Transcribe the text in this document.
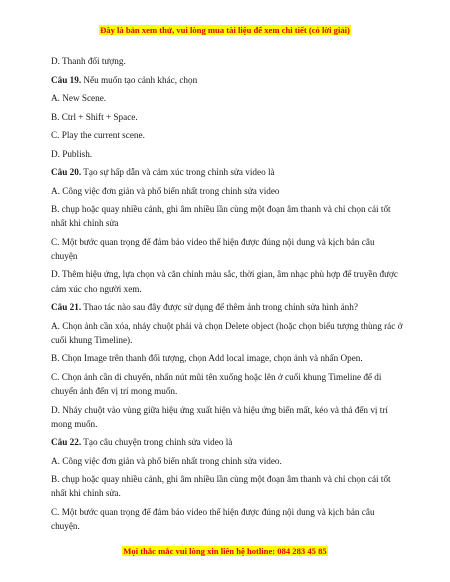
Đây là bản xem thử, vui lòng mua tài liệu để xem chi tiết (có lời giải)

D. Thanh đối tượng.

Câu 19. Nếu muốn tạo cảnh khác, chọn

A. New Scene.

B. Ctrl + Shift + Space.

C. Play the current scene.

D. Publish.

Câu 20. Tạo sự hấp dẫn và cảm xúc trong chỉnh sửa video là

A. Công việc đơn giản và phổ biến nhất trong chỉnh sửa video

B. chụp hoặc quay nhiều cảnh, ghi âm nhiều lần cùng một đoạn âm thanh và chỉ chọn cái tốt nhất khi chỉnh sửa

C. Một bước quan trọng để đảm bảo video thể hiện được đúng nội dung và kịch bản câu chuyện

D. Thêm hiệu ứng, lựa chọn và căn chỉnh màu sắc, thời gian, âm nhạc phù hợp để truyền được cảm xúc cho người xem.

Câu 21. Thao tác nào sau đây được sử dụng để thêm ảnh trong chỉnh sửa hình ảnh?

A. Chọn ảnh cần xóa, nháy chuột phải và chọn Delete object (hoặc chọn biểu tượng thùng rác ở cuối khung Timeline).

B. Chọn Image trên thanh đối tượng, chọn Add local image, chọn ảnh và nhấn Open.

C. Chọn ảnh cần di chuyển, nhấn nút mũi tên xuống hoặc lên ở cuối khung Timeline để di chuyển ảnh đến vị trí mong muốn.

D. Nháy chuột vào vùng giữa hiệu ứng xuất hiện và hiệu ứng biến mất, kéo và thả đến vị trí mong muốn.

Câu 22. Tạo câu chuyện trong chỉnh sửa video là

A. Công việc đơn giản và phổ biến nhất trong chỉnh sửa video.

B. chụp hoặc quay nhiều cảnh, ghi âm nhiều lần cùng một đoạn âm thanh và chỉ chọn cái tốt nhất khi chỉnh sửa.

C. Một bước quan trọng để đảm bảo video thể hiện được đúng nội dung và kịch bản câu chuyện.

Mọi thắc mắc vui lòng xin liên hệ hotline: 084 283 45 85
